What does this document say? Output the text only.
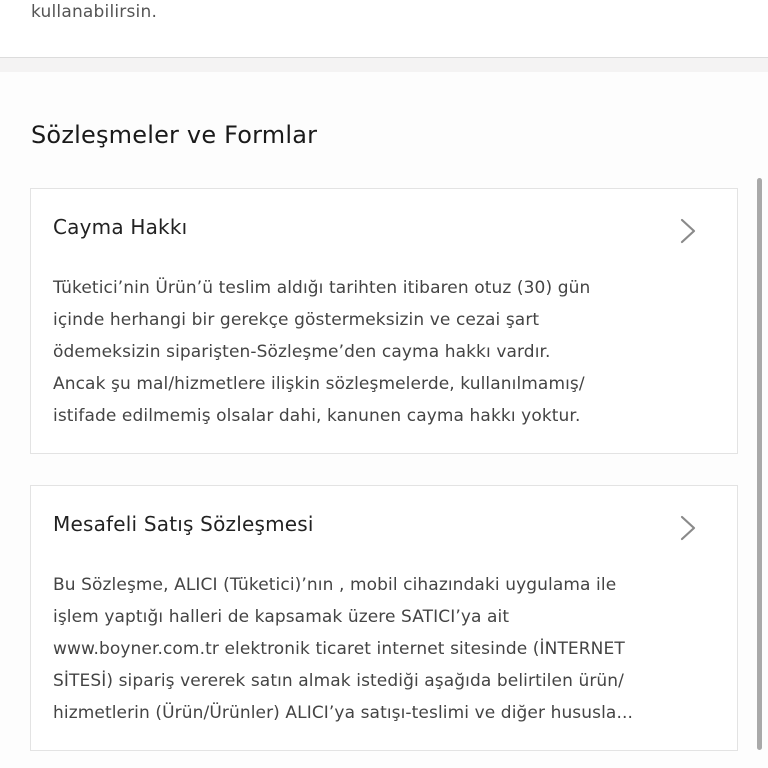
kullanabilirsin.
Sözleşmeler ve Formlar
Cayma Hakkı
Tüketici’nin Ürün’ü teslim aldığı tarihten itibaren otuz (30) gün
içinde herhangi bir gerekçe göstermeksizin ve cezai şart
ödemeksizin siparişten-Sözleşme’den cayma hakkı vardır.
Ancak şu mal/hizmetlere ilişkin sözleşmelerde, kullanılmamış/
istifade edilmemiş olsalar dahi, kanunen cayma hakkı yoktur.
Mesafeli Satış Sözleşmesi
Bu Sözleşme, ALICI (Tüketici)’nın , mobil cihazındaki uygulama ile
işlem yaptığı halleri de kapsamak üzere SATICI’ya ait
www.boyner.com.tr elektronik ticaret internet sitesinde (İNTERNET
SİTESİ) sipariş vererek satın almak istediği aşağıda belirtilen ürün/
hizmetlerin (Ürün/Ürünler) ALICI’ya satışı-teslimi ve diğer hususla...
